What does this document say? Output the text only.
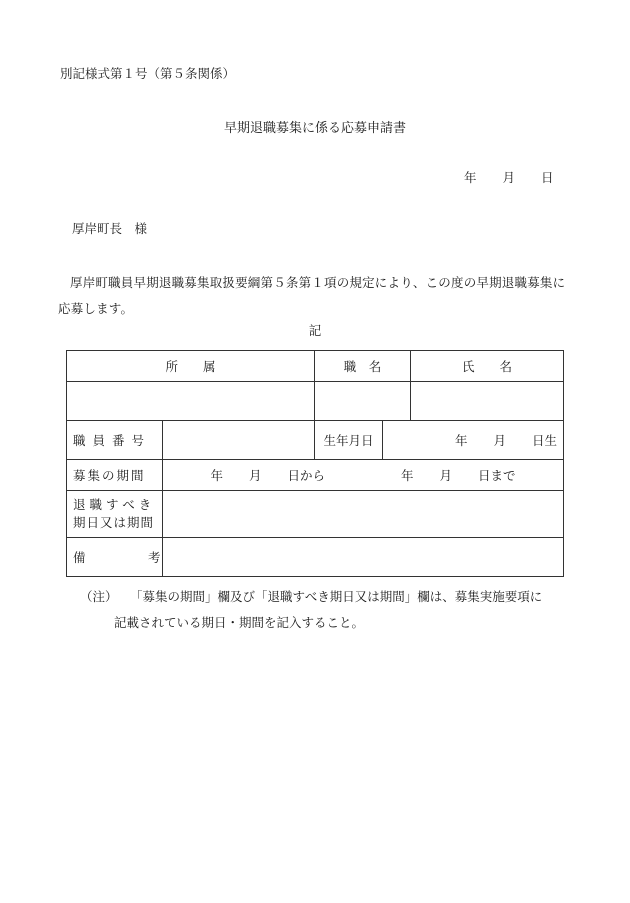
別記様式第１号（第５条関係）
早期退職募集に係る応募申請書
年 月 日
厚岸町長　様
厚岸町職員早期退職募集取扱要綱第５条第１項の規定により、この度の早期退職募集に応募します。
記
所　　属		職　名		氏　　名

職員番号		生年月日	年 月 日生	
募集の期間	年 月 日から 年 月 日まで			

退職すべき
期日又は期間				

備　　　　　考				
（注） 「募集の期間」欄及び「退職すべき期日又は期間」欄は、募集実施要項に
記載されている期日・期間を記入すること。
